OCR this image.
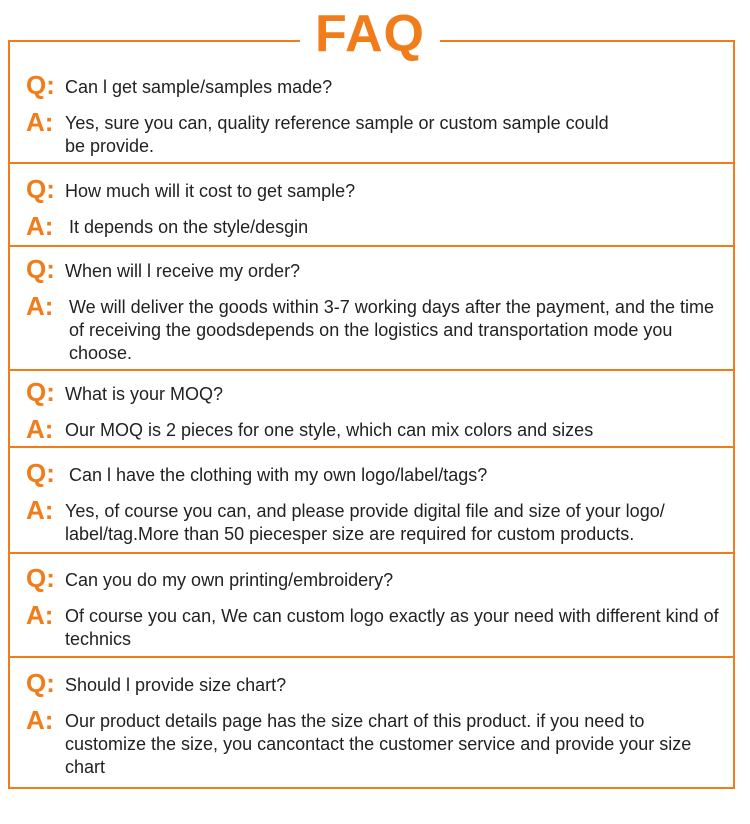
FAQ
Q: Can l get sample/samples made?
A: Yes, sure you can, quality reference sample or custom sample could be provide.
Q: How much will it cost to get sample?
A: It depends on the style/desgin
Q: When will l receive my order?
A: We will deliver the goods within 3-7 working days after the payment, and the time of receiving the goodsdepends on the logistics and transportation mode you choose.
Q: What is your MOQ?
A: Our MOQ is 2 pieces for one style, which can mix colors and sizes
Q: Can l have the clothing with my own logo/label/tags?
A: Yes, of course you can, and please provide digital file and size of your logo/ label/tag.More than 50 piecesper size are required for custom products.
Q: Can you do my own printing/embroidery?
A: Of course you can, We can custom logo exactly as your need with different kind of technics
Q: Should l provide size chart?
A: Our product details page has the size chart of this product. if you need to customize the size, you cancontact the customer service and provide your size chart
